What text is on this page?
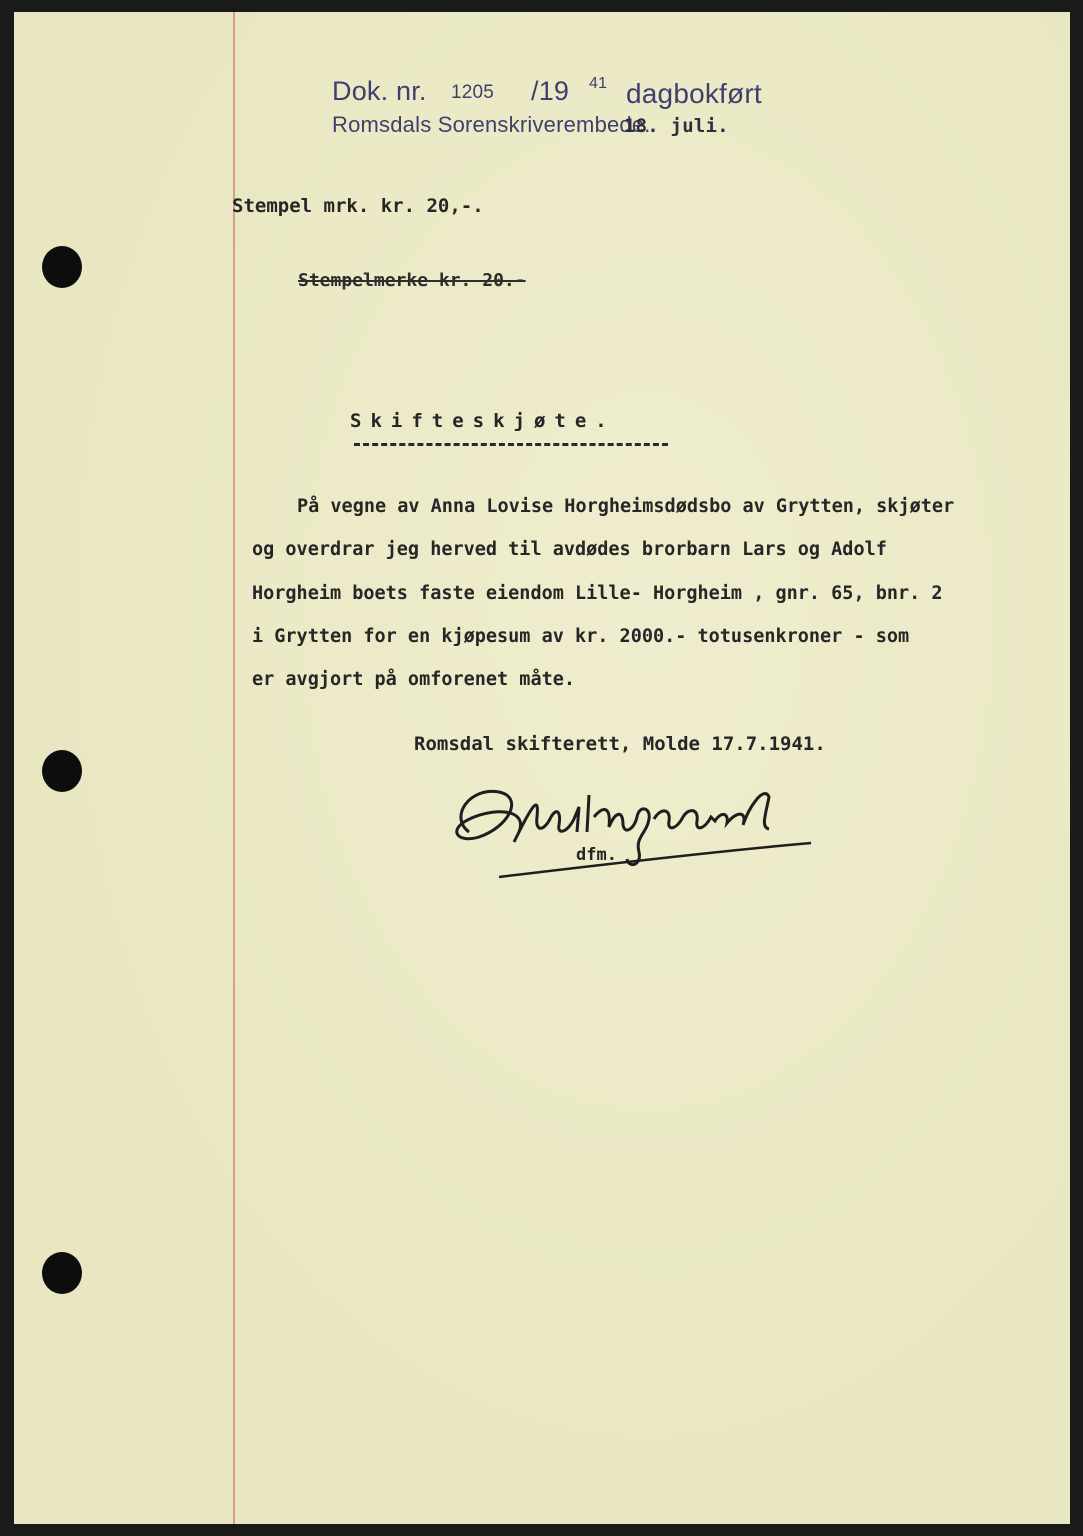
Dok. nr. 1205 /19 41 dagbokført
Romsdals Sorenskriverembede.
18. juli.
Stempel mrk. kr. 20,-.
Stempelmerke kr. 20.-
Skifteskjøte.
På vegne av Anna Lovise Horgheimsdødsbo av Grytten, skjøter
og overdrar jeg herved til avdødes brorbarn Lars og Adolf
Horgheim boets faste eiendom Lille- Horgheim , gnr. 65, bnr. 2
i Grytten for en kjøpesum av kr. 2000.- totusenkroner - som
er avgjort på omforenet måte.
Romsdal skifterett, Molde 17.7.1941.
dfm.
